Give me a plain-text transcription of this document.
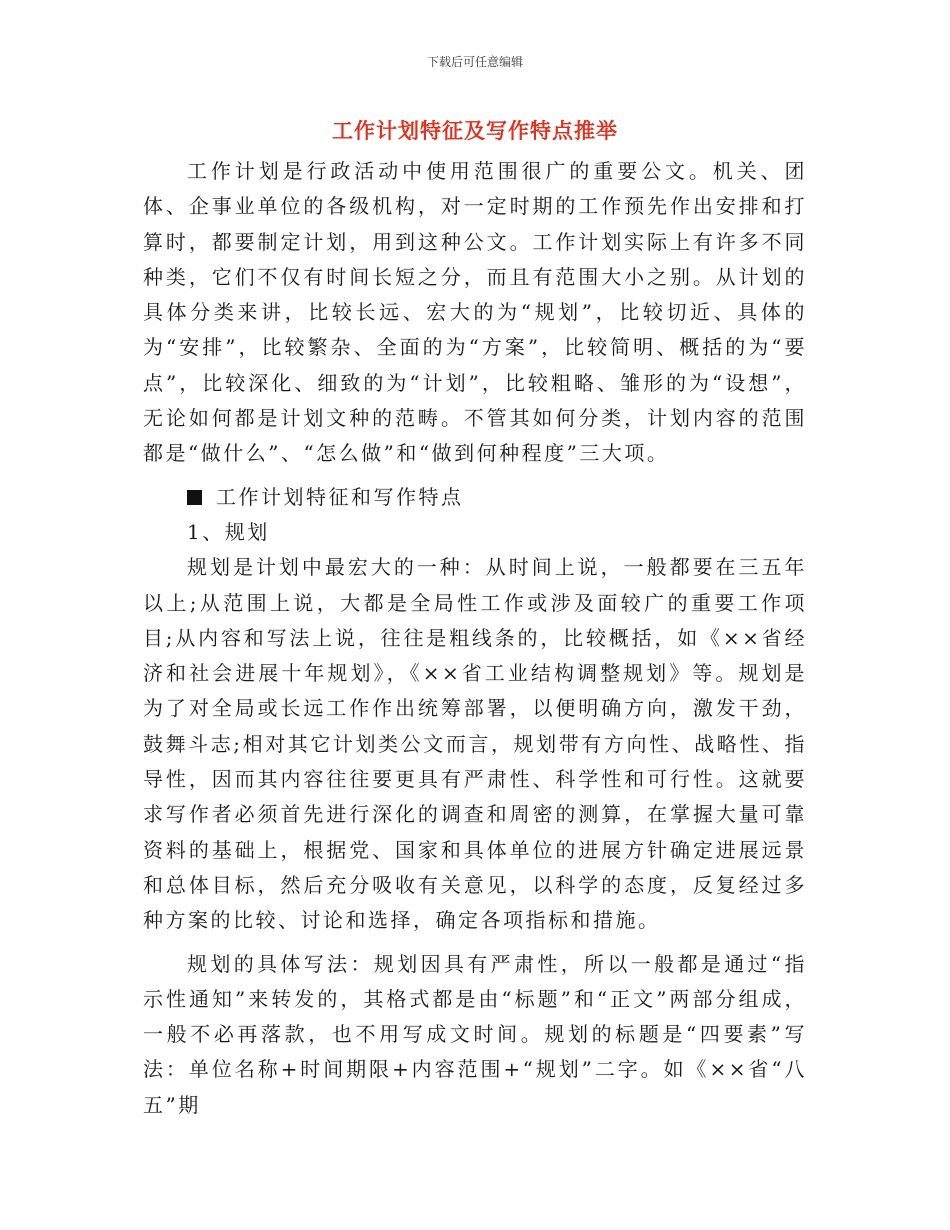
下载后可任意编辑
工作计划特征及写作特点推举

工作计划是行政活动中使用范围很广的重要公文。机关、团体、企事业单位的各级机构，对一定时期的工作预先作出安排和打算时，都要制定计划，用到这种公文。工作计划实际上有许多不同种类，它们不仅有时间长短之分，而且有范围大小之别。从计划的具体分类来讲，比较长远、宏大的为“规划”，比较切近、具体的为“安排”，比较繁杂、全面的为“方案”，比较简明、概括的为“要点”，比较深化、细致的为“计划”，比较粗略、雏形的为“设想”，无论如何都是计划文种的范畴。不管其如何分类，计划内容的范围都是“做什么”、“怎么做”和“做到何种程度”三大项。

工作计划特征和写作特点

1、规划

规划是计划中最宏大的一种：从时间上说，一般都要在三五年以上;从范围上说，大都是全局性工作或涉及面较广的重要工作项目;从内容和写法上说，往往是粗线条的，比较概括，如《××省经济和社会进展十年规划》，《××省工业结构调整规划》等。规划是为了对全局或长远工作作出统筹部署，以便明确方向，激发干劲，鼓舞斗志;相对其它计划类公文而言，规划带有方向性、战略性、指导性，因而其内容往往要更具有严肃性、科学性和可行性。这就要求写作者必须首先进行深化的调查和周密的测算，在掌握大量可靠资料的基础上，根据党、国家和具体单位的进展方针确定进展远景和总体目标，然后充分吸收有关意见，以科学的态度，反复经过多种方案的比较、讨论和选择，确定各项指标和措施。

规划的具体写法：规划因具有严肃性，所以一般都是通过“指示性通知”来转发的，其格式都是由“标题”和“正文”两部分组成，一般不必再落款，也不用写成文时间。规划的标题是“四要素”写法：单位名称+时间期限+内容范围+“规划”二字。如《××省“八五”期
